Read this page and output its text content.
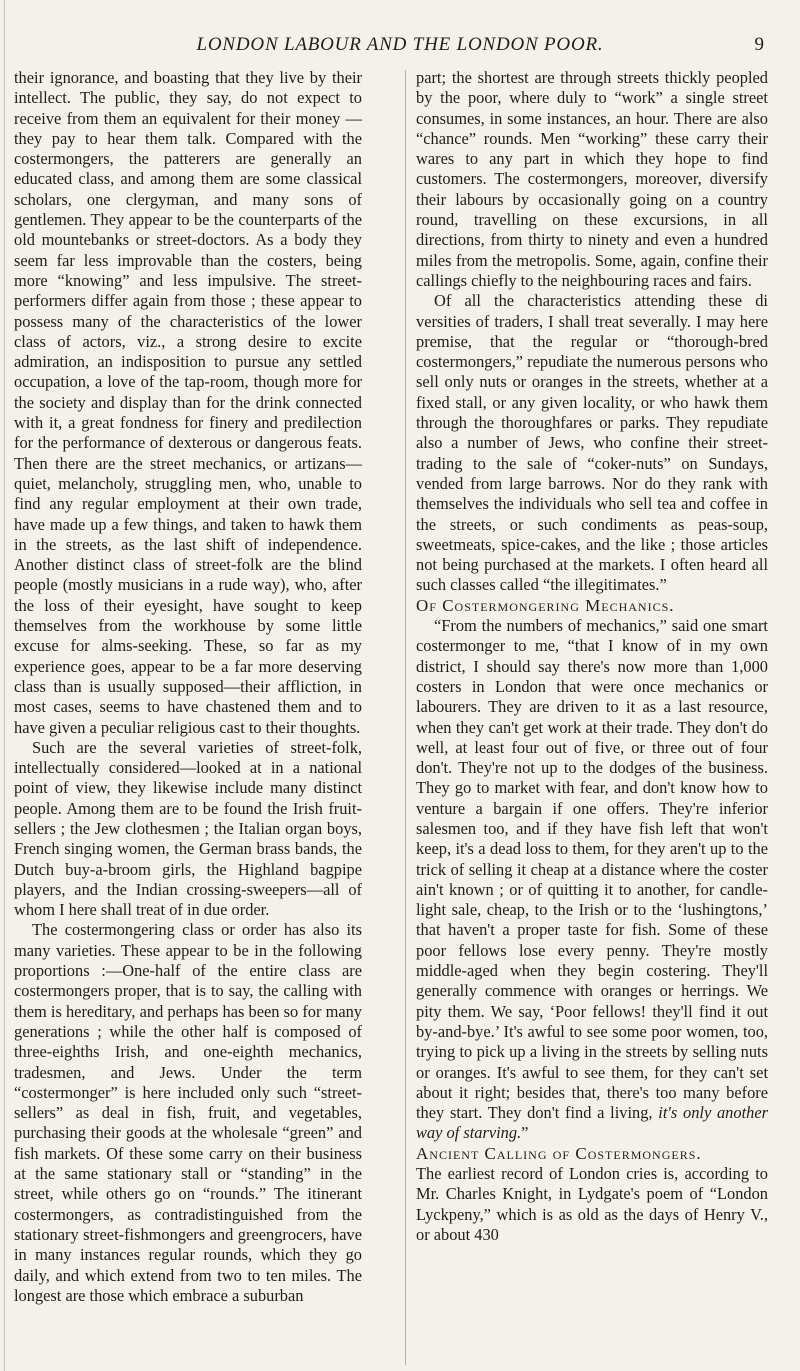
LONDON LABOUR AND THE LONDON POOR.	9

their ignorance, and boasting that they live by their intellect. The public, they say, do not expect to receive from them an equivalent for their money — they pay to hear them talk. Compared with the costermongers, the patterers are generally an educated class, and among them are some classical scholars, one clergyman, and many sons of gentlemen. They appear to be the counterparts of the old mountebanks or street-doctors. As a body they seem far less improvable than the costers, being more “knowing” and less impulsive. The street-performers differ again from those ; these appear to possess many of the characteristics of the lower class of actors, viz., a strong desire to excite admiration, an indisposition to pursue any settled occupation, a love of the tap-room, though more for the society and display than for the drink connected with it, a great fondness for finery and predilection for the performance of dexterous or dangerous feats. Then there are the street mechanics, or artizans— quiet, melancholy, struggling men, who, unable to find any regular employment at their own trade, have made up a few things, and taken to hawk them in the streets, as the last shift of independence. Another distinct class of street-folk are the blind people (mostly musicians in a rude way), who, after the loss of their eyesight, have sought to keep themselves from the workhouse by some little excuse for alms-seeking. These, so far as my experience goes, appear to be a far more deserving class than is usually supposed—their affliction, in most cases, seems to have chastened them and to have given a peculiar religious cast to their thoughts.

Such are the several varieties of street-folk, intellectually considered—looked at in a national point of view, they likewise include many distinct people. Among them are to be found the Irish fruit-sellers ; the Jew clothesmen ; the Italian organ boys, French singing women, the German brass bands, the Dutch buy-a-broom girls, the Highland bagpipe players, and the Indian crossing-sweepers—all of whom I here shall treat of in due order.

The costermongering class or order has also its many varieties. These appear to be in the following proportions :—One-half of the entire class are costermongers proper, that is to say, the calling with them is hereditary, and perhaps has been so for many generations ; while the other half is composed of three-eighths Irish, and one-eighth mechanics, tradesmen, and Jews. Under the term “costermonger” is here included only such “street-sellers” as deal in fish, fruit, and vegetables, purchasing their goods at the wholesale “green” and fish markets. Of these some carry on their business at the same stationary stall or “standing” in the street, while others go on “rounds.” The itinerant costermongers, as contradistinguished from the stationary street-fishmongers and greengrocers, have in many instances regular rounds, which they go daily, and which extend from two to ten miles. The longest are those which embrace a suburban

part; the shortest are through streets thickly peopled by the poor, where duly to “work” a single street consumes, in some instances, an hour. There are also “chance” rounds. Men “working” these carry their wares to any part in which they hope to find customers. The costermongers, moreover, diversify their labours by occasionally going on a country round, travelling on these excursions, in all directions, from thirty to ninety and even a hundred miles from the metropolis. Some, again, confine their callings chiefly to the neighbouring races and fairs.

Of all the characteristics attending these di versities of traders, I shall treat severally. I may here premise, that the regular or “thorough-bred costermongers,” repudiate the numerous persons who sell only nuts or oranges in the streets, whether at a fixed stall, or any given locality, or who hawk them through the thoroughfares or parks. They repudiate also a number of Jews, who confine their street-trading to the sale of “coker-nuts” on Sundays, vended from large barrows. Nor do they rank with themselves the individuals who sell tea and coffee in the streets, or such condiments as peas-soup, sweetmeats, spice-cakes, and the like ; those articles not being purchased at the markets. I often heard all such classes called “the illegitimates.”

Of Costermongering Mechanics.

“From the numbers of mechanics,” said one smart costermonger to me, “that I know of in my own district, I should say there's now more than 1,000 costers in London that were once mechanics or labourers. They are driven to it as a last resource, when they can't get work at their trade. They don't do well, at least four out of five, or three out of four don't. They're not up to the dodges of the business. They go to market with fear, and don't know how to venture a bargain if one offers. They're inferior salesmen too, and if they have fish left that won't keep, it's a dead loss to them, for they aren't up to the trick of selling it cheap at a distance where the coster ain't known ; or of quitting it to another, for candle-light sale, cheap, to the Irish or to the ‘lushingtons,’ that haven't a proper taste for fish. Some of these poor fellows lose every penny. They're mostly middle-aged when they begin costering. They'll generally commence with oranges or herrings. We pity them. We say, ‘Poor fellows! they'll find it out by-and-bye.’ It's awful to see some poor women, too, trying to pick up a living in the streets by selling nuts or oranges. It's awful to see them, for they can't set about it right; besides that, there's too many before they start. They don't find a living, it's only another way of starving.”

Ancient Calling of Costermongers.

The earliest record of London cries is, according to Mr. Charles Knight, in Lydgate's poem of “London Lyckpeny,” which is as old as the days of Henry V., or about 430
